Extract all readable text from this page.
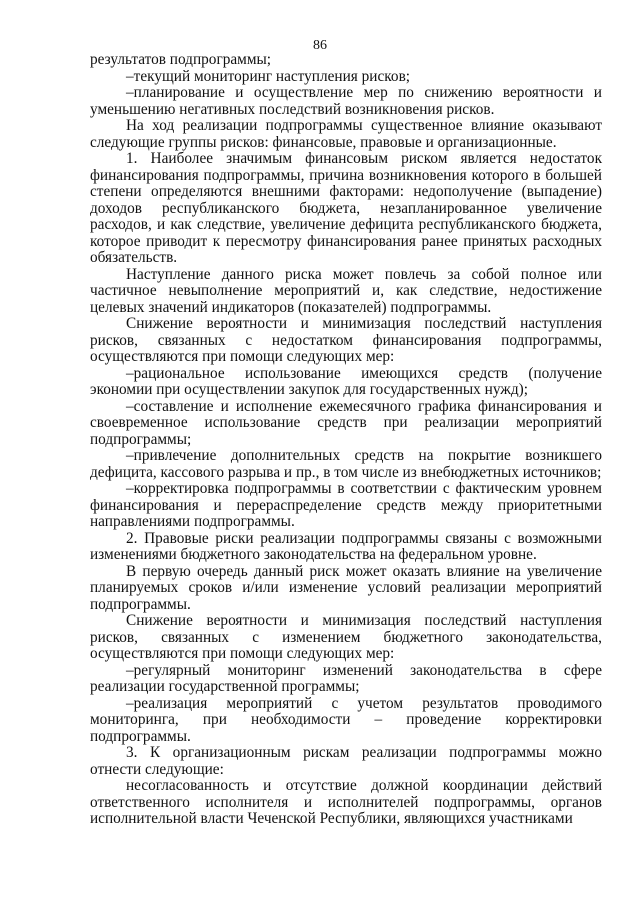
86

результатов подпрограммы;

–текущий мониторинг наступления рисков;

–планирование и осуществление мер по снижению вероятности и уменьшению негативных последствий возникновения рисков.

На ход реализации подпрограммы существенное влияние оказывают следующие группы рисков: финансовые, правовые и организационные.

1. Наиболее значимым финансовым риском является недостаток финансирования подпрограммы, причина возникновения которого в большей степени определяются внешними факторами: недополучение (выпадение) доходов республиканского бюджета, незапланированное увеличение расходов, и как следствие, увеличение дефицита республиканского бюджета, которое приводит к пересмотру финансирования ранее принятых расходных обязательств.

Наступление данного риска может повлечь за собой полное или частичное невыполнение мероприятий и, как следствие, недостижение целевых значений индикаторов (показателей) подпрограммы.

Снижение вероятности и минимизация последствий наступления рисков, связанных с недостатком финансирования подпрограммы, осуществляются при помощи следующих мер:

–рациональное использование имеющихся средств (получение экономии при осуществлении закупок для государственных нужд);

–составление и исполнение ежемесячного графика финансирования и своевременное использование средств при реализации мероприятий подпрограммы;

–привлечение дополнительных средств на покрытие возникшего дефицита, кассового разрыва и пр., в том числе из внебюджетных источников;

–корректировка подпрограммы в соответствии с фактическим уровнем финансирования и перераспределение средств между приоритетными направлениями подпрограммы.

2. Правовые риски реализации подпрограммы связаны с возможными изменениями бюджетного законодательства на федеральном уровне.

В первую очередь данный риск может оказать влияние на увеличение планируемых сроков и/или изменение условий реализации мероприятий подпрограммы.

Снижение вероятности и минимизация последствий наступления рисков, связанных с изменением бюджетного законодательства, осуществляются при помощи следующих мер:

–регулярный мониторинг изменений законодательства в сфере реализации государственной программы;

–реализация мероприятий с учетом результатов проводимого мониторинга, при необходимости – проведение корректировки подпрограммы.

3. К организационным рискам реализации подпрограммы можно отнести следующие:

несогласованность и отсутствие должной координации действий ответственного исполнителя и исполнителей подпрограммы, органов исполнительной власти Чеченской Республики, являющихся участниками
